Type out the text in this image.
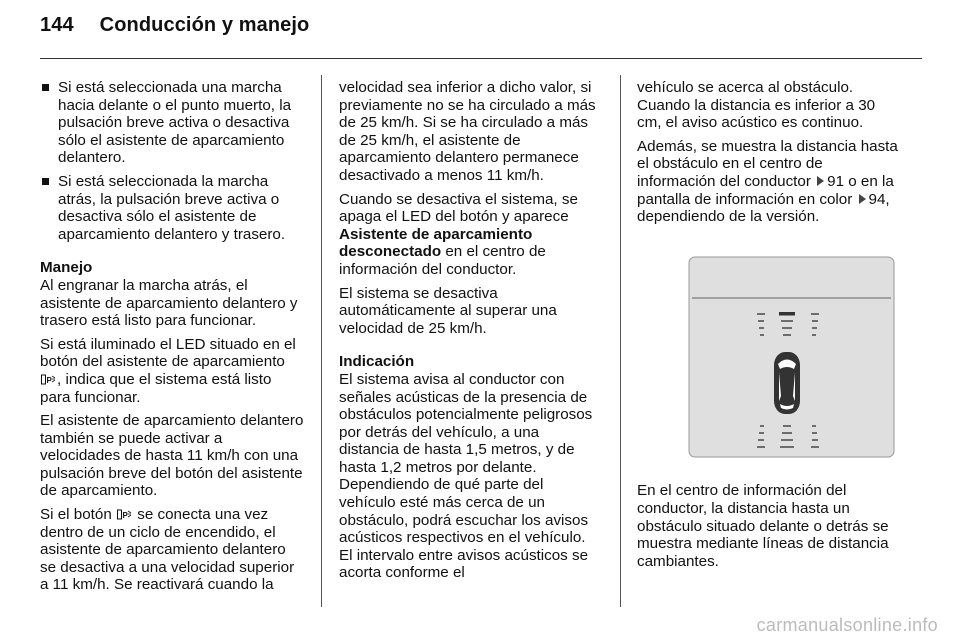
144 Conducción y manejo
Si está seleccionada una marcha hacia delante o el punto muerto, la pulsación breve activa o desactiva sólo el asistente de aparcamiento delantero.
Si está seleccionada la marcha atrás, la pulsación breve activa o desactiva sólo el asistente de aparcamiento delantero y trasero.

Manejo

Al engranar la marcha atrás, el asistente de aparcamiento delantero y trasero está listo para funcionar.

Si está iluminado el LED situado en el botón del asistente de aparcamiento
P , indica que el sistema está listo para funcionar.

El asistente de aparcamiento delantero también se puede activar a velocidades de hasta 11 km/h con una pulsación breve del botón del asistente de aparcamiento.

Si el botón P se conecta una vez dentro de un ciclo de encendido, el asistente de aparcamiento delantero se desactiva a una velocidad superior a 11 km/h. Se reactivará cuando la

velocidad sea inferior a dicho valor, si previamente no se ha circulado a más de 25 km/h. Si se ha circulado a más de 25 km/h, el asistente de aparcamiento delantero permanece desactivado a menos 11 km/h.

Cuando se desactiva el sistema, se apaga el LED del botón y aparece Asistente de aparcamiento desconectado en el centro de información del conductor.

El sistema se desactiva automáticamente al superar una velocidad de 25 km/h.

Indicación

El sistema avisa al conductor con señales acústicas de la presencia de obstáculos potencialmente peligrosos por detrás del vehículo, a una distancia de hasta 1,5 metros, y de hasta 1,2 metros por delante. Dependiendo de qué parte del vehículo esté más cerca de un obstáculo, podrá escuchar los avisos acústicos respectivos en el vehículo. El intervalo entre avisos acústicos se acorta conforme el

vehículo se acerca al obstáculo. Cuando la distancia es inferior a 30 cm, el aviso acústico es continuo.

Además, se muestra la distancia hasta el obstáculo en el centro de información del conductor 91 o en la pantalla de información en color 94, dependiendo de la versión.

En el centro de información del conductor, la distancia hasta un obstáculo situado delante o detrás se muestra mediante líneas de distancia cambiantes.

carmanualsonline.info
